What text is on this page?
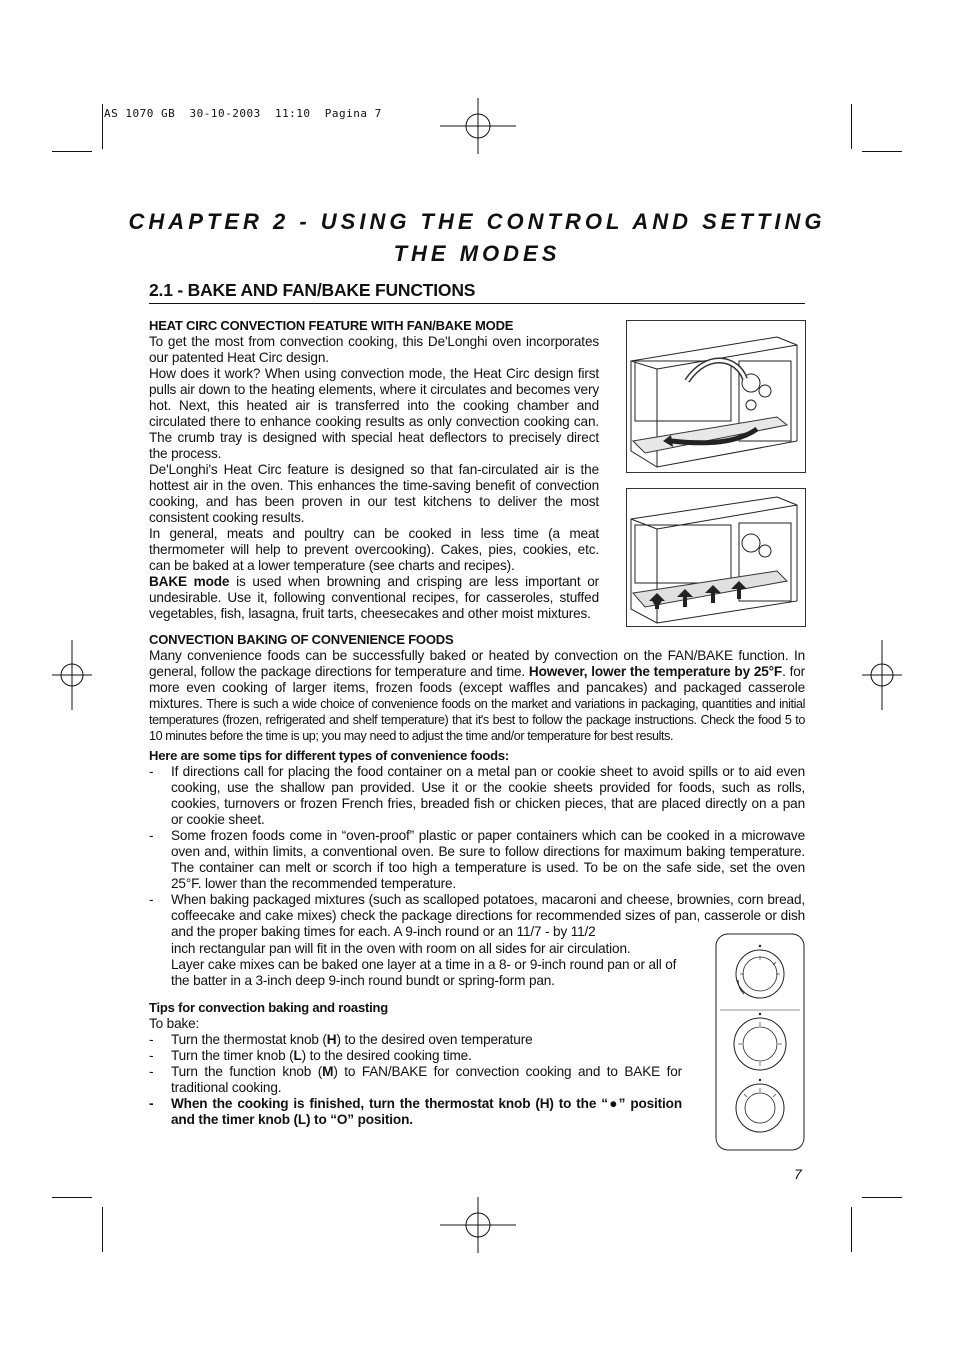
AS 1070 GB  30-10-2003  11:10  Pagina 7
CHAPTER 2 - USING THE CONTROL AND SETTING THE MODES
2.1 - BAKE AND FAN/BAKE FUNCTIONS
HEAT CIRC CONVECTION FEATURE WITH FAN/BAKE MODE

To get the most from convection cooking, this De'Longhi oven incorporates our patented Heat Circ design.

How does it work? When using convection mode, the Heat Circ design first pulls air down to the heating elements, where it circulates and becomes very hot. Next, this heated air is transferred into the cooking chamber and circulated there to enhance cooking results as only convection cooking can. The crumb tray is designed with special heat deflectors to precisely direct the process.

De'Longhi's Heat Circ feature is designed so that fan-circulated air is the hottest air in the oven. This enhances the time-saving benefit of convection cooking, and has been proven in our test kitchens to deliver the most consistent cooking results.

In general, meats and poultry can be cooked in less time (a meat thermometer will help to prevent overcooking). Cakes, pies, cookies, etc. can be baked at a lower temperature (see charts and recipes).

BAKE mode is used when browning and crisping are less important or undesirable. Use it, following conventional recipes, for casseroles, stuffed vegetables, fish, lasagna, fruit tarts, cheesecakes and other moist mixtures.

CONVECTION BAKING OF CONVENIENCE FOODS

Many convenience foods can be successfully baked or heated by convection on the FAN/BAKE function. In general, follow the package directions for temperature and time. However, lower the temperature by 25°F. for more even cooking of larger items, frozen foods (except waffles and pancakes) and packaged casserole mixtures. There is such a wide choice of convenience foods on the market and variations in packaging, quantities and initial temperatures (frozen, refrigerated and shelf temperature) that it's best to follow the package instructions. Check the food 5 to 10 minutes before the time is up; you may need to adjust the time and/or temperature for best results.

Here are some tips for different types of convenience foods:

- If directions call for placing the food container on a metal pan or cookie sheet to avoid spills or to aid even cooking, use the shallow pan provided. Use it or the cookie sheets provided for foods, such as rolls, cookies, turnovers or frozen French fries, breaded fish or chicken pieces, that are placed directly on a pan or cookie sheet.

- Some frozen foods come in “oven-proof” plastic or paper containers which can be cooked in a microwave oven and, within limits, a conventional oven. Be sure to follow directions for maximum baking temperature. The container can melt or scorch if too high a temperature is used. To be on the safe side, set the oven 25°F. lower than the recommended temperature.

- When baking packaged mixtures (such as scalloped potatoes, macaroni and cheese, brownies, corn bread, coffeecake and cake mixes) check the package directions for recommended sizes of pan, casserole or dish and the proper baking times for each. A 9-inch round or an 11/7 - by 11/2

inch rectangular pan will fit in the oven with room on all sides for air circulation.

Layer cake mixes can be baked one layer at a time in a 8- or 9-inch round pan or all of the batter in a 3-inch deep 9-inch round bundt or spring-form pan.

Tips for convection baking and roasting

To bake:

- Turn the thermostat knob (H) to the desired oven temperature

- Turn the timer knob (L) to the desired cooking time.

- Turn the function knob (M) to FAN/BAKE for convection cooking and to BAKE for traditional cooking.

- When the cooking is finished, turn the thermostat knob (H) to the “●” position and the timer knob (L) to “O” position.

7
